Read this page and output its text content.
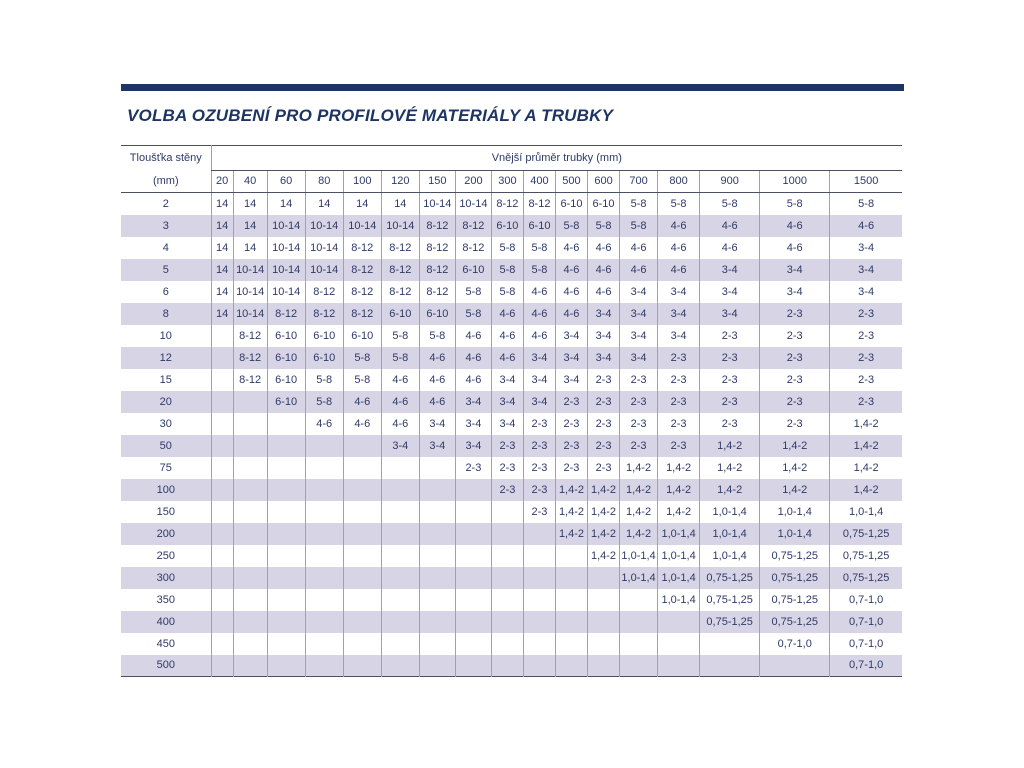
VOLBA OZUBENÍ PRO PROFILOVÉ MATERIÁLY A TRUBKY
Tloušťka stěny
(mm)	Vnější průměr trubky (mm)																
	20	40	60	80	100	120	150	200	300	400	500	600	700	800	900	1000	1500
2	14	14	14	14	14	14	10-14	10-14	8-12	8-12	6-10	6-10	5-8	5-8	5-8	5-8	5-8
3	14	14	10-14	10-14	10-14	10-14	8-12	8-12	6-10	6-10	5-8	5-8	5-8	4-6	4-6	4-6	4-6
4	14	14	10-14	10-14	8-12	8-12	8-12	8-12	5-8	5-8	4-6	4-6	4-6	4-6	4-6	4-6	3-4
5	14	10-14	10-14	10-14	8-12	8-12	8-12	6-10	5-8	5-8	4-6	4-6	4-6	4-6	3-4	3-4	3-4
6	14	10-14	10-14	8-12	8-12	8-12	8-12	5-8	5-8	4-6	4-6	4-6	3-4	3-4	3-4	3-4	3-4
8	14	10-14	8-12	8-12	8-12	6-10	6-10	5-8	4-6	4-6	4-6	3-4	3-4	3-4	3-4	2-3	2-3
10		8-12	6-10	6-10	6-10	5-8	5-8	4-6	4-6	4-6	3-4	3-4	3-4	3-4	2-3	2-3	2-3
12		8-12	6-10	6-10	5-8	5-8	4-6	4-6	4-6	3-4	3-4	3-4	3-4	2-3	2-3	2-3	2-3
15		8-12	6-10	5-8	5-8	4-6	4-6	4-6	3-4	3-4	3-4	2-3	2-3	2-3	2-3	2-3	2-3
20			6-10	5-8	4-6	4-6	4-6	3-4	3-4	3-4	2-3	2-3	2-3	2-3	2-3	2-3	2-3
30				4-6	4-6	4-6	3-4	3-4	3-4	2-3	2-3	2-3	2-3	2-3	2-3	2-3	1,4-2
50						3-4	3-4	3-4	2-3	2-3	2-3	2-3	2-3	2-3	1,4-2	1,4-2	1,4-2
75								2-3	2-3	2-3	2-3	2-3	1,4-2	1,4-2	1,4-2	1,4-2	1,4-2
100									2-3	2-3	1,4-2	1,4-2	1,4-2	1,4-2	1,4-2	1,4-2	1,4-2
150										2-3	1,4-2	1,4-2	1,4-2	1,4-2	1,0-1,4	1,0-1,4	1,0-1,4
200											1,4-2	1,4-2	1,4-2	1,0-1,4	1,0-1,4	1,0-1,4	0,75-1,25
250												1,4-2	1,0-1,4	1,0-1,4	1,0-1,4	0,75-1,25	0,75-1,25
300													1,0-1,4	1,0-1,4	0,75-1,25	0,75-1,25	0,75-1,25
350														1,0-1,4	0,75-1,25	0,75-1,25	0,7-1,0
400															0,75-1,25	0,75-1,25	0,7-1,0
450																0,7-1,0	0,7-1,0
500																	0,7-1,0
